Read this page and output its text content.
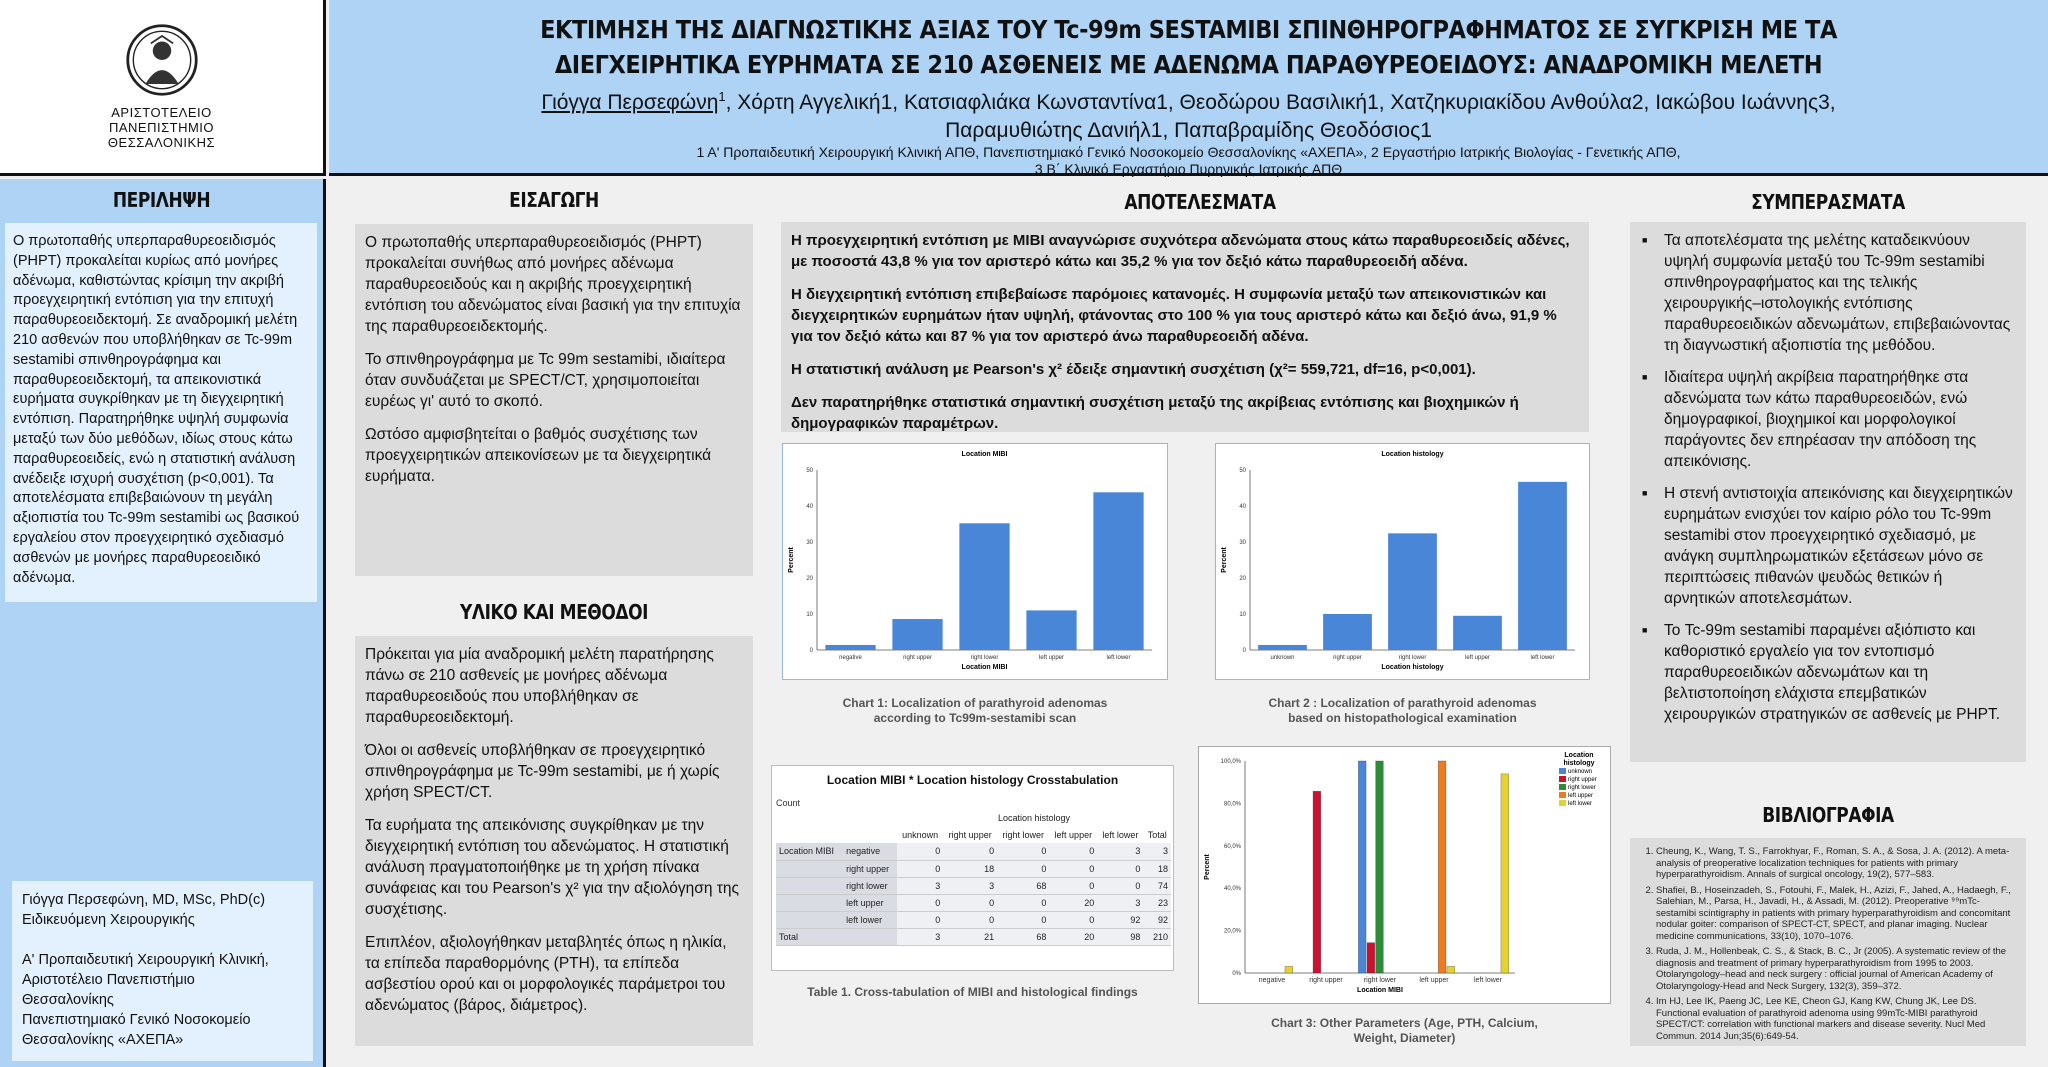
ΑΡΙΣΤΟΤΕΛΕΙΟ
ΠΑΝΕΠΙΣΤΗΜΙΟ
ΘΕΣΣΑΛΟΝΙΚΗΣ
ΕΚΤΙΜΗΣΗ ΤΗΣ ΔΙΑΓΝΩΣΤΙΚΗΣ ΑΞΙΑΣ ΤΟΥ Tc-99m SESTAMIBI ΣΠΙΝΘΗΡΟΓΡΑΦΗΜΑΤΟΣ ΣΕ ΣΥΓΚΡΙΣΗ ΜΕ ΤΑ
ΔΙΕΓΧΕΙΡΗΤΙΚΑ ΕΥΡΗΜΑΤΑ ΣΕ 210 ΑΣΘΕΝΕΙΣ ΜΕ ΑΔΕΝΩΜΑ ΠΑΡΑΘΥΡΕΟΕΙΔΟΥΣ: ΑΝΑΔΡΟΜΙΚΗ ΜΕΛΕΤΗ
Γιόγγα Περσεφώνη$^1$, Χόρτη Αγγελική1, Κατσιαφλιάκα Κωνσταντίνα1, Θεοδώρου Βασιλική1, Χατζηκυριακίδου Ανθούλα2, Ιακώβου Ιωάννης3,
Παραμυθιώτης Δανιήλ1, Παπαβραμίδης Θεοδόσιος1
1 Α' Προπαιδευτική Χειρουργική Κλινική ΑΠΘ, Πανεπιστημιακό Γενικό Νοσοκομείο Θεσσαλονίκης «ΑΧΕΠΑ», 2 Εργαστήριο Ιατρικής Βιολογίας - Γενετικής ΑΠΘ,
3 Β΄ Κλινικό Εργαστήριο Πυρηνικής Ιατρικής ΑΠΘ
ΠΕΡΙΛΗΨΗ
Ο πρωτοπαθής υπερπαραθυρεοειδισμός (PHPT) προκαλείται κυρίως από μονήρες αδένωμα, καθιστώντας κρίσιμη την ακριβή προεγχειρητική εντόπιση για την επιτυχή παραθυρεοειδεκτομή. Σε αναδρομική μελέτη 210 ασθενών που υποβλήθηκαν σε Tc-99m sestamibi σπινθηρογράφημα και παραθυρεοειδεκτομή, τα απεικονιστικά ευρήματα συγκρίθηκαν με τη διεγχειρητική εντόπιση. Παρατηρήθηκε υψηλή συμφωνία μεταξύ των δύο μεθόδων, ιδίως στους κάτω παραθυρεοειδείς, ενώ η στατιστική ανάλυση ανέδειξε ισχυρή συσχέτιση (p<0,001). Τα αποτελέσματα επιβεβαιώνουν τη μεγάλη αξιοπιστία του Tc-99m sestamibi ως βασικού εργαλείου στον προεγχειρητικό σχεδιασμό ασθενών με μονήρες παραθυρεοειδικό αδένωμα.
Γιόγγα Περσεφώνη, MD, MSc, PhD(c)
Ειδικευόμενη Χειρουργικής
Α' Προπαιδευτική Χειρουργική Κλινική,
Αριστοτέλειο Πανεπιστήμιο
Θεσσαλονίκης
Πανεπιστημιακό Γενικό Νοσοκομείο
Θεσσαλονίκης «ΑΧΕΠΑ»
ΕΙΣΑΓΩΓΗ

Ο πρωτοπαθής υπερπαραθυρεοειδισμός (PHPT) προκαλείται συνήθως από μονήρες αδένωμα παραθυρεοειδούς και η ακριβής προεγχειρητική εντόπιση του αδενώματος είναι βασική για την επιτυχία της παραθυρεοειδεκτομής.

Το σπινθηρογράφημα με Tc 99m sestamibi, ιδιαίτερα όταν συνδυάζεται με SPECT/CT, χρησιμοποιείται ευρέως γι' αυτό το σκοπό.

Ωστόσο αμφισβητείται ο βαθμός συσχέτισης των προεγχειρητικών απεικονίσεων με τα διεγχειρητικά ευρήματα.

ΥΛΙΚΟ ΚΑΙ ΜΕΘΟΔΟΙ

Πρόκειται για μία αναδρομική μελέτη παρατήρησης πάνω σε 210 ασθενείς με μονήρες αδένωμα παραθυρεοειδούς που υποβλήθηκαν σε παραθυρεοειδεκτομή.

Όλοι οι ασθενείς υποβλήθηκαν σε προεγχειρητικό σπινθηρογράφημα με Tc-99m sestamibi, με ή χωρίς χρήση SPECT/CT.

Τα ευρήματα της απεικόνισης συγκρίθηκαν με την διεγχειρητική εντόπιση του αδενώματος. Η στατιστική ανάλυση πραγματοποιήθηκε με τη χρήση πίνακα συνάφειας και του Pearson's χ² για την αξιολόγηση της συσχέτισης.

Επιπλέον, αξιολογήθηκαν μεταβλητές όπως η ηλικία, τα επίπεδα παραθορμόνης (PTH), τα επίπεδα ασβεστίου ορού και οι μορφολογικές παράμετροι του αδενώματος (βάρος, διάμετρος).

ΑΠΟΤΕΛΕΣΜΑΤΑ

Η προεγχειρητική εντόπιση με MIBI αναγνώρισε συχνότερα αδενώματα στους κάτω παραθυρεοειδείς αδένες, με ποσοστά 43,8 % για τον αριστερό κάτω και 35,2 % για τον δεξιό κάτω παραθυρεοειδή αδένα.

Η διεγχειρητική εντόπιση επιβεβαίωσε παρόμοιες κατανομές. Η συμφωνία μεταξύ των απεικονιστικών και διεγχειρητικών ευρημάτων ήταν υψηλή, φτάνοντας στο 100 % για τους αριστερό κάτω και δεξιό άνω, 91,9 % για τον δεξιό κάτω και 87 % για τον αριστερό άνω παραθυρεοειδή αδένα.

Η στατιστική ανάλυση με Pearson's χ² έδειξε σημαντική συσχέτιση (χ²= 559,721, df=16, p<0,001).

Δεν παρατηρήθηκε στατιστικά σημαντική συσχέτιση μεταξύ της ακρίβειας εντόπισης και βιοχημικών ή δημογραφικών παραμέτρων.

Location MIBI
0
10
20
30
40
50
negative	right upper	right lower	left upper	left lower
Location MIBI
Percent
Chart 1: Localization of parathyroid adenomas
according to Tc99m-sestamibi scan
Location histology
0
10
20
30
40
50
unknown	right upper	right lower	left upper	left lower
Location histology
Percent
Chart 2 : Localization of parathyroid adenomas
based on histopathological examination
Location MIBI * Location histology Crosstabulation
Count
		Location histology					
		unknown	right upper	right lower	left upper	left lower	Total
Location MIBI	negative	0	0	0	0	3	3
	right upper	0	18	0	0	0	18
	right lower	3	3	68	0	0	74
	left upper	0	0	0	20	3	23
	left lower	0	0	0	0	92	92
Total		3	21	68	20	98	210
Table 1. Cross-tabulation of MIBI and histological findings
0%
20,0%
40,0%
60,0%
80,0%
100,0%
negative	right upper	right lower	left upper	left lower
Location MIBI
Percent
Location
histology
unknown
right upper
right lower
left upper
left lower
Chart 3: Other Parameters (Age, PTH, Calcium,
Weight, Diameter)
ΣΥΜΠΕΡΑΣΜΑΤΑ
■ Τα αποτελέσματα της μελέτης καταδεικνύουν υψηλή συμφωνία μεταξύ του Tc-99m sestamibi σπινθηρογραφήματος και της τελικής χειρουργικής–ιστολογικής εντόπισης παραθυρεοειδικών αδενωμάτων, επιβεβαιώνοντας τη διαγνωστική αξιοπιστία της μεθόδου.
■ Ιδιαίτερα υψηλή ακρίβεια παρατηρήθηκε στα αδενώματα των κάτω παραθυρεοειδών, ενώ δημογραφικοί, βιοχημικοί και μορφολογικοί παράγοντες δεν επηρέασαν την απόδοση της απεικόνισης.
■ Η στενή αντιστοιχία απεικόνισης και διεγχειρητικών ευρημάτων ενισχύει τον καίριο ρόλο του Tc-99m sestamibi στον προεγχειρητικό σχεδιασμό, με ανάγκη συμπληρωματικών εξετάσεων μόνο σε περιπτώσεις πιθανών ψευδώς θετικών ή αρνητικών αποτελεσμάτων.
■ Το Tc-99m sestamibi παραμένει αξιόπιστο και καθοριστικό εργαλείο για τον εντοπισμό παραθυρεοειδικών αδενωμάτων και τη βελτιστοποίηση ελάχιστα επεμβατικών χειρουργικών στρατηγικών σε ασθενείς με PHPT.
ΒΙΒΛΙΟΓΡΑΦΙΑ
1. Cheung, K., Wang, T. S., Farrokhyar, F., Roman, S. A., & Sosa, J. A. (2012). A meta-analysis of preoperative localization techniques for patients with primary hyperparathyroidism. Annals of surgical oncology, 19(2), 577–583.
2. Shafiei, B., Hoseinzadeh, S., Fotouhi, F., Malek, H., Azizi, F., Jahed, A., Hadaegh, F., Salehian, M., Parsa, H., Javadi, H., & Assadi, M. (2012). Preoperative ⁹⁹mTc-sestamibi scintigraphy in patients with primary hyperparathyroidism and concomitant nodular goiter: comparison of SPECT-CT, SPECT, and planar imaging. Nuclear medicine communications, 33(10), 1070–1076.
3. Ruda, J. M., Hollenbeak, C. S., & Stack, B. C., Jr (2005). A systematic review of the diagnosis and treatment of primary hyperparathyroidism from 1995 to 2003. Otolaryngology–head and neck surgery : official journal of American Academy of Otolaryngology-Head and Neck Surgery, 132(3), 359–372.
4. Im HJ, Lee IK, Paeng JC, Lee KE, Cheon GJ, Kang KW, Chung JK, Lee DS. Functional evaluation of parathyroid adenoma using 99mTc-MIBI parathyroid SPECT/CT: correlation with functional markers and disease severity. Nucl Med Commun. 2014 Jun;35(6):649-54.
